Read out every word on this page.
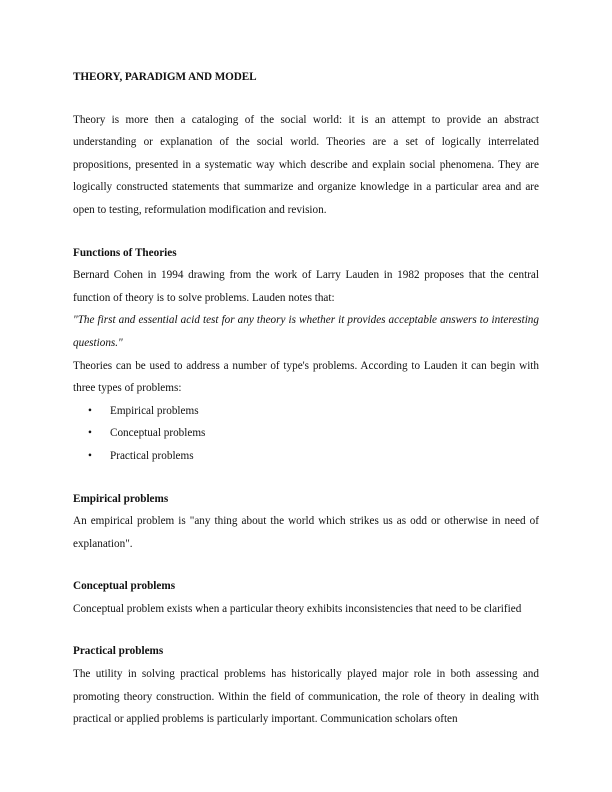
THEORY, PARADIGM AND MODEL

Theory is more then a cataloging of the social world: it is an attempt to provide an abstract understanding or explanation of the social world. Theories are a set of logically interrelated propositions, presented in a systematic way which describe and explain social phenomena. They are logically constructed statements that summarize and organize knowledge in a particular area and are open to testing, reformulation modification and revision.

Functions of Theories

Bernard Cohen in 1994 drawing from the work of Larry Lauden in 1982 proposes that the central function of theory is to solve problems. Lauden notes that:

"The first and essential acid test for any theory is whether it provides acceptable answers to interesting questions."

Theories can be used to address a number of type's problems. According to Lauden it can begin with three types of problems:

• Empirical problems
• Conceptual problems
• Practical problems
Empirical problems

An empirical problem is "any thing about the world which strikes us as odd or otherwise in need of explanation".

Conceptual problems

Conceptual problem exists when a particular theory exhibits inconsistencies that need to be clarified

Practical problems

The utility in solving practical problems has historically played major role in both assessing and promoting theory construction. Within the field of communication, the role of theory in dealing with practical or applied problems is particularly important. Communication scholars often
